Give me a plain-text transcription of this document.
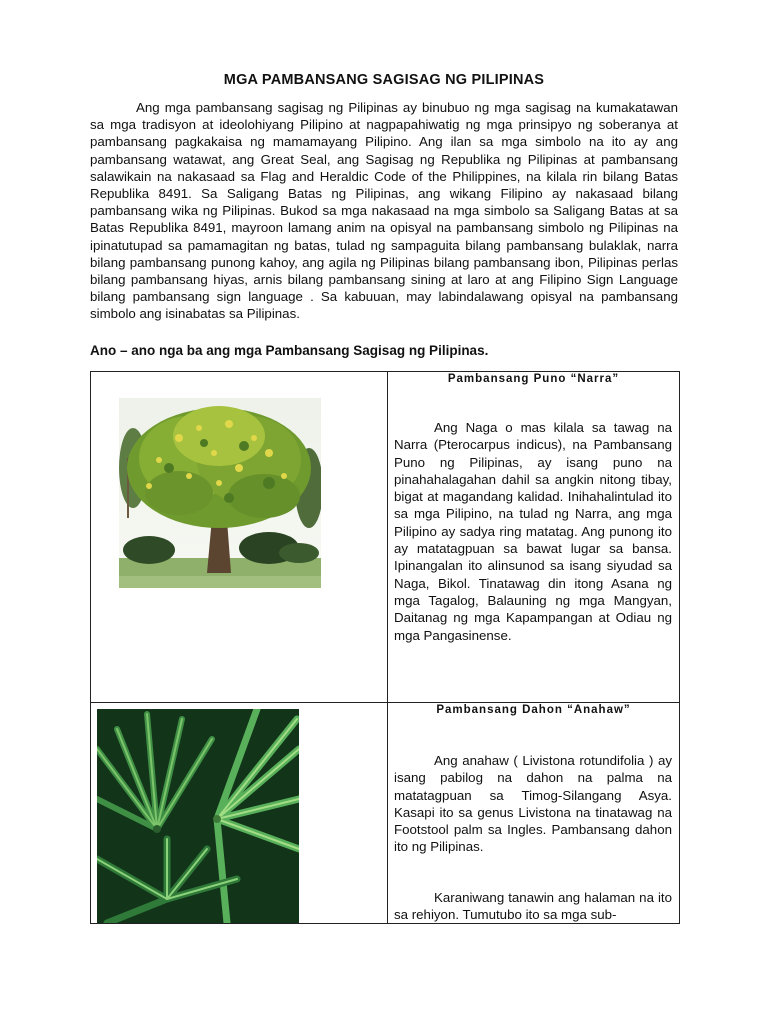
MGA PAMBANSANG SAGISAG NG PILIPINAS

Ang mga pambansang sagisag ng Pilipinas ay binubuo ng mga sagisag na kumakatawan sa mga tradisyon at ideolohiyang Pilipino at nagpapahiwatig ng mga prinsipyo ng soberanya at pambansang pagkakaisa ng mamamayang Pilipino. Ang ilan sa mga simbolo na ito ay ang pambansang watawat, ang Great Seal, ang Sagisag ng Republika ng Pilipinas at pambansang salawikain na nakasaad sa Flag and Heraldic Code of the Philippines, na kilala rin bilang Batas Republika 8491. Sa Saligang Batas ng Pilipinas, ang wikang Filipino ay nakasaad bilang pambansang wika ng Pilipinas. Bukod sa mga nakasaad na mga simbolo sa Saligang Batas at sa Batas Republika 8491, mayroon lamang anim na opisyal na pambansang simbolo ng Pilipinas na ipinatutupad sa pamamagitan ng batas, tulad ng sampaguita bilang pambansang bulaklak, narra bilang pambansang punong kahoy, ang agila ng Pilipinas bilang pambansang ibon, Pilipinas perlas bilang pambansang hiyas, arnis bilang pambansang sining at laro at ang Filipino Sign Language bilang pambansang sign language . Sa kabuuan, may labindalawang opisyal na pambansang simbolo ang isinabatas sa Pilipinas.

Ano – ano nga ba ang mga Pambansang Sagisag ng Pilipinas.

Pambansang Puno “Narra”

Ang Naga o mas kilala sa tawag na Narra (Pterocarpus indicus), na Pambansang Puno ng Pilipinas, ay isang puno na pinahahalagahan dahil sa angkin nitong tibay, bigat at magandang kalidad. Inihahalintulad ito sa mga Pilipino, na tulad ng Narra, ang mga Pilipino ay sadya ring matatag. Ang punong ito ay matatagpuan sa bawat lugar sa bansa. Ipinangalan ito alinsunod sa isang siyudad sa Naga, Bikol. Tinatawag din itong Asana ng mga Tagalog, Balauning ng mga Mangyan, Daitanag ng mga Kapampangan at Odiau ng mga Pangasinense.

Pambansang Dahon “Anahaw”

Ang anahaw ( Livistona rotundifolia ) ay isang pabilog na dahon na palma na matatagpuan sa Timog-Silangang Asya. Kasapi ito sa genus Livistona na tinatawag na Footstool palm sa Ingles. Pambansang dahon ito ng Pilipinas.

Karaniwang tanawin ang halaman na ito sa rehiyon. Tumutubo ito sa mga sub-
